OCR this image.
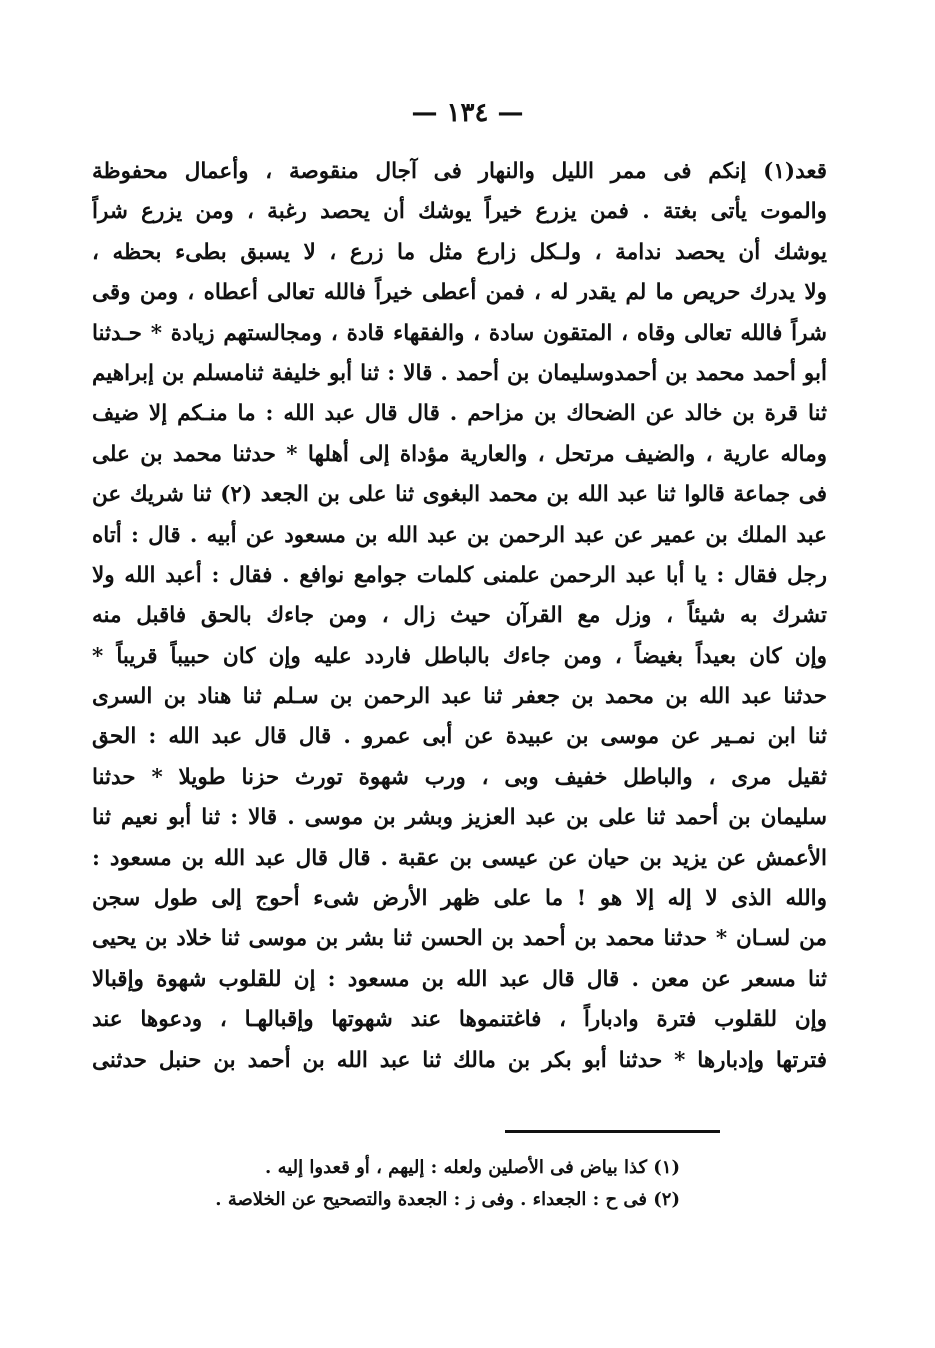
— ١٣٤ —
قعد(١) إنكم فى ممر الليل والنهار فى آجال منقوصة ، وأعمال محفوظة
والموت يأتى بغتة . فمن يزرع خيراً يوشك أن يحصد رغبة ، ومن يزرع شراً
يوشك أن يحصد ندامة ، ولـكل زارع مثل ما زرع ، لا يسبق بطىء بحظه ،
ولا يدرك حريص ما لم يقدر له ، فمن أعطى خيراً فالله تعالى أعطاه ، ومن وقى
شراً فالله تعالى وقاه ، المتقون سادة ، والفقهاء قادة ، ومجالستهم زيادة * حـدثنا
أبو أحمد محمد بن أحمدوسليمان بن أحمد . قالا : ثنا أبو خليفة ثنامسلم بن إبراهيم
ثنا قرة بن خالد عن الضحاك بن مزاحم . قال قال عبد الله : ما منـكم إلا ضيف
وماله عارية ، والضيف مرتحل ، والعارية مؤداة إلى أهلها * حدثنا محمد بن على
فى جماعة قالوا ثنا عبد الله بن محمد البغوى ثنا على بن الجعد (٢) ثنا شريك عن
عبد الملك بن عمير عن عبد الرحمن بن عبد الله بن مسعود عن أبيه . قال : أتاه
رجل فقال : يا أبا عبد الرحمن علمنى كلمات جوامع نوافع . فقال : أعبد الله ولا
تشرك به شيئاً ، وزل مع القرآن حيث زال ، ومن جاءك بالحق فاقبل منه
وإن كان بعيداً بغيضاً ، ومن جاءك بالباطل فاردد عليه وإن كان حبيباً قريباً *
حدثنا عبد الله بن محمد بن جعفر ثنا عبد الرحمن بن سـلم ثنا هناد بن السرى
ثنا ابن نمـير عن موسى بن عبيدة عن أبى عمرو . قال قال عبد الله : الحق
ثقيل مرى ، والباطل خفيف وبى ، ورب شهوة تورث حزنا طويلا * حدثنا
سليمان بن أحمد ثنا على بن عبد العزيز وبشر بن موسى . قالا : ثنا أبو نعيم ثنا
الأعمش عن يزيد بن حيان عن عيسى بن عقبة . قال قال عبد الله بن مسعود :
والله الذى لا إله إلا هو ! ما على ظهر الأرض شىء أحوج إلى طول سجن
من لسـان * حدثنا محمد بن أحمد بن الحسن ثنا بشر بن موسى ثنا خلاد بن يحيى
ثنا مسعر عن معن . قال قال عبد الله بن مسعود : إن للقلوب شهوة وإقبالا
وإن للقلوب فترة وادباراً ، فاغتنموها عند شهوتها وإقبالهـا ، ودعوها عند
فترتها وإدبارها * حدثنا أبو بكر بن مالك ثنا عبد الله بن أحمد بن حنبل حدثنى
(١) كذا بياض فى الأصلين ولعله : إليهم ، أو قعدوا إليه .
(٢) فى ح : الجعداء . وفى ز : الجعدة والتصحيح عن الخلاصة .
